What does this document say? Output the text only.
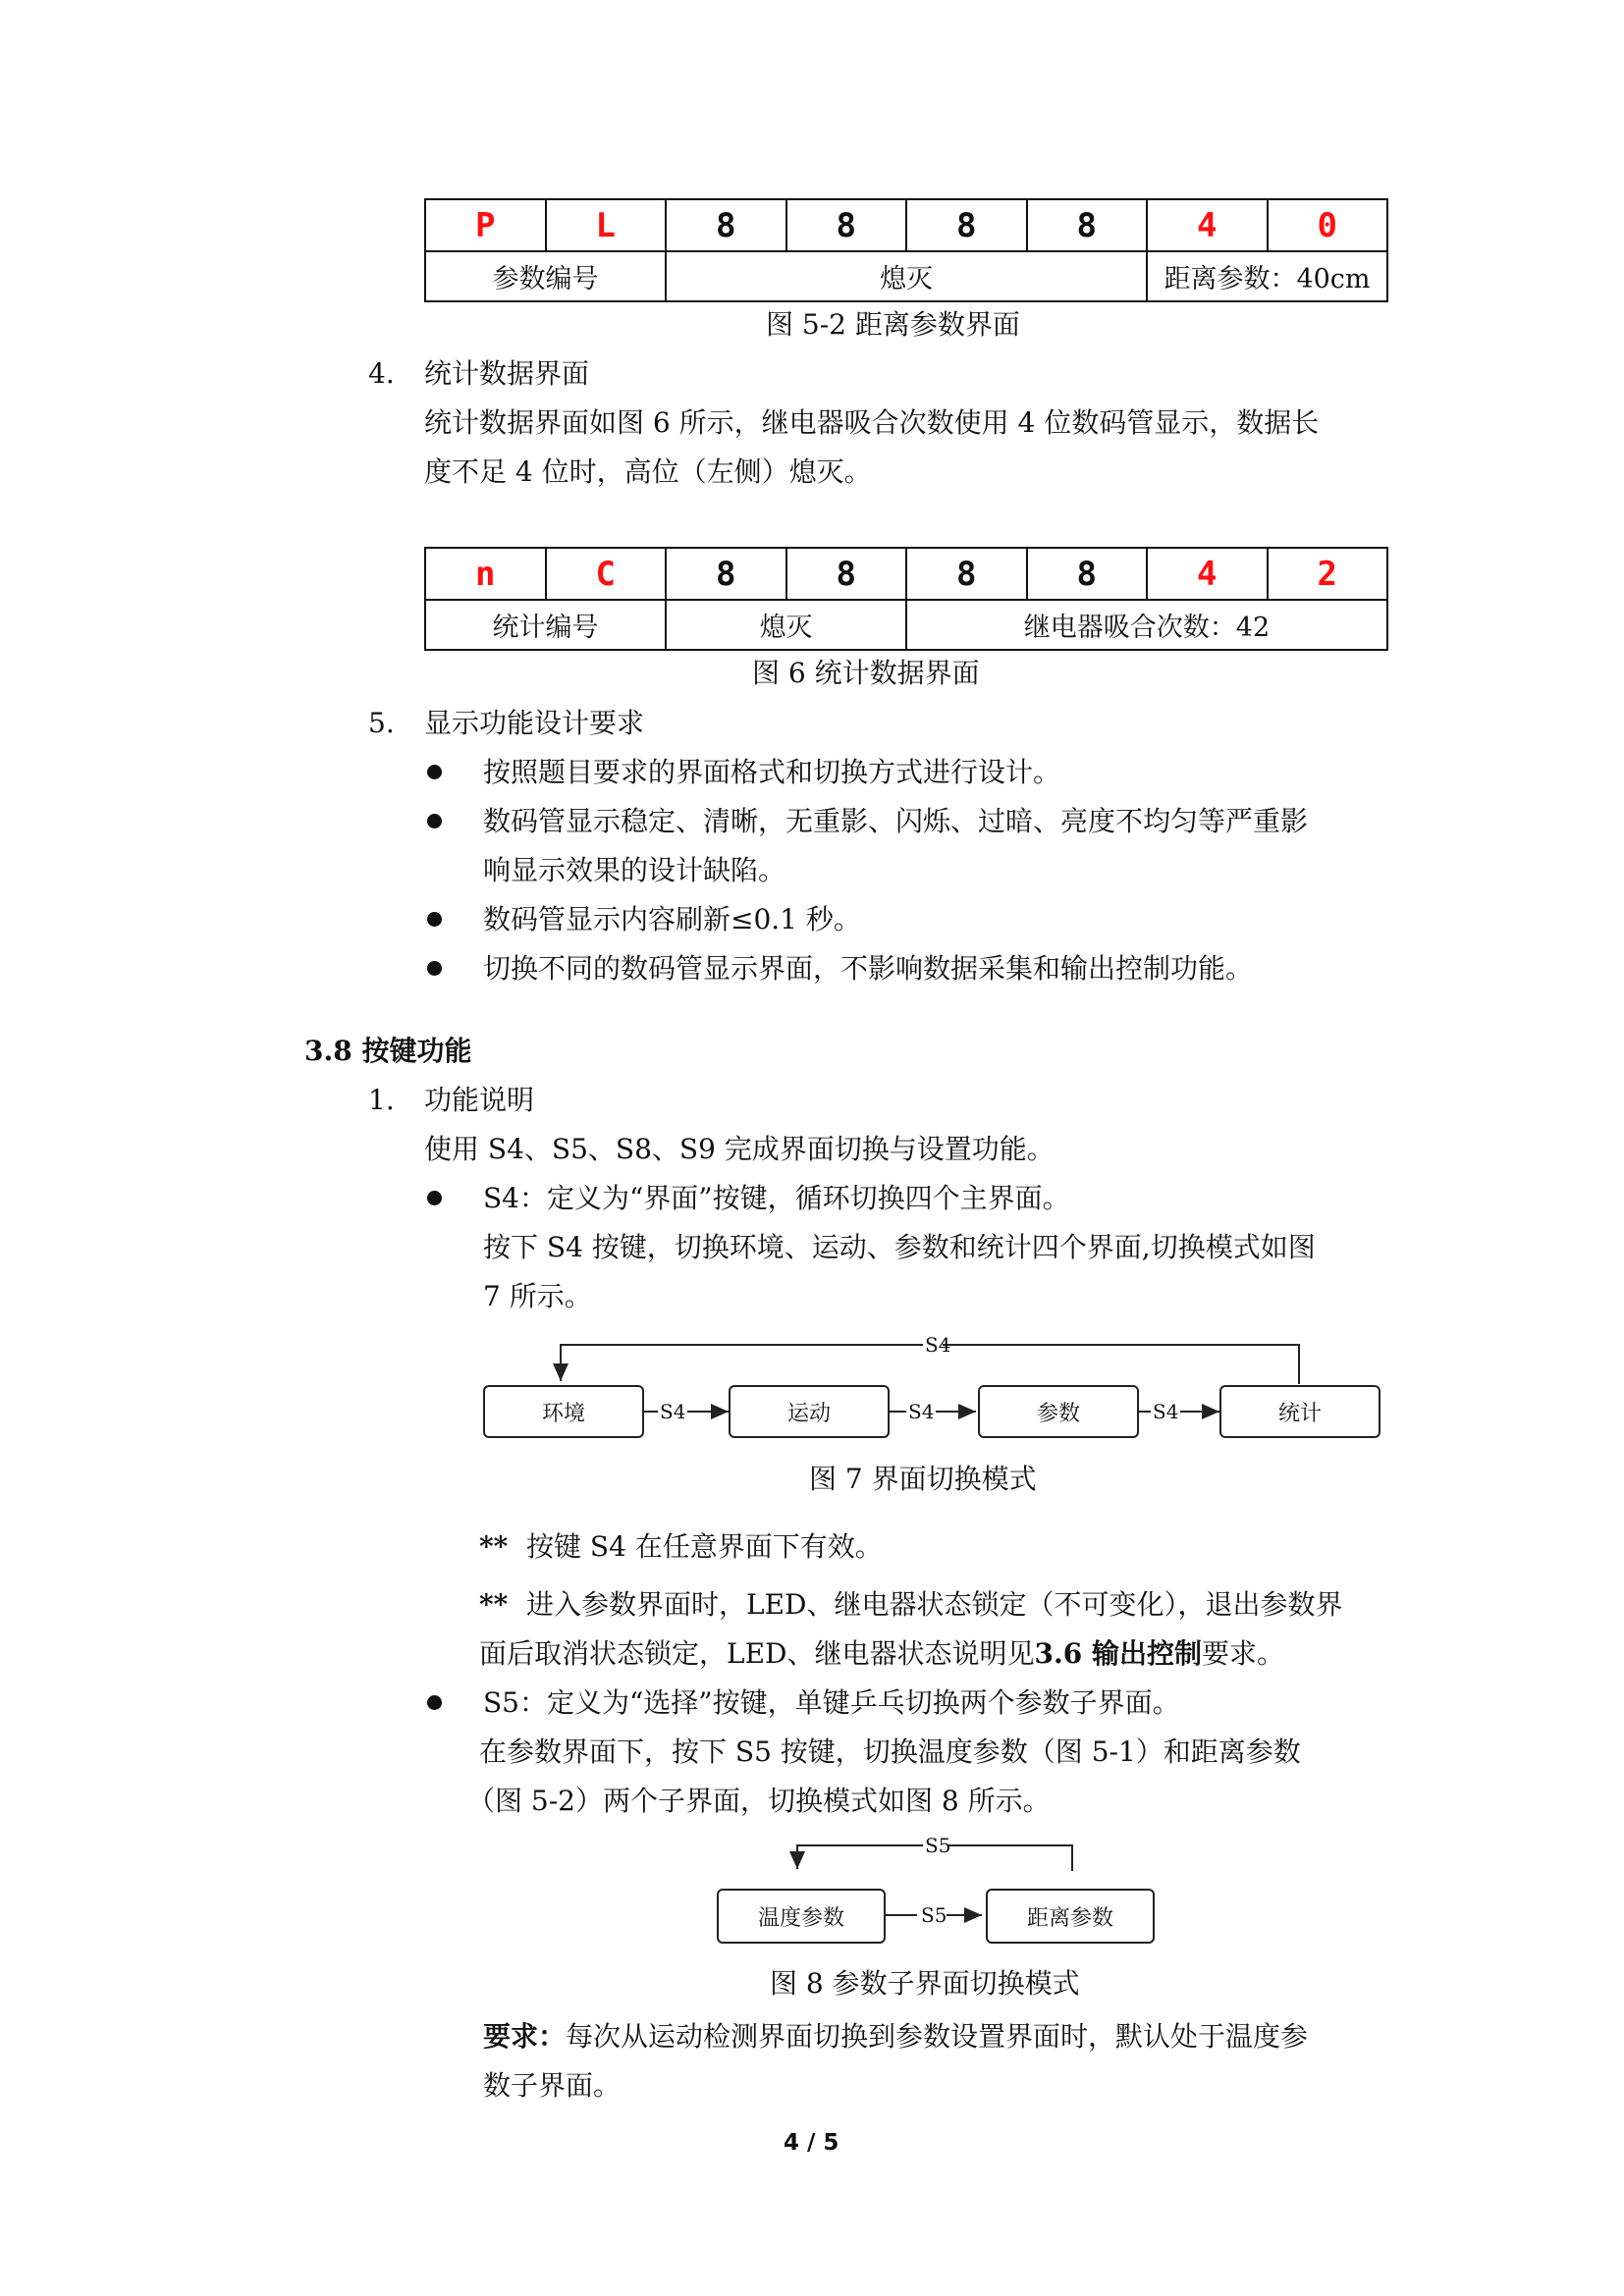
P	L	8	8	8	8	4	0
参数编号		熄灭				距离参数：40cm	
图 5-2 距离参数界面
4. 统计数据界面
统计数据界面如图 6 所示，继电器吸合次数使用 4 位数码管显示，数据长
度不足 4 位时，高位（左侧）熄灭。
n	C	8	8	8	8	4	2
统计编号		熄灭		继电器吸合次数：42			
图 6 统计数据界面
5. 显示功能设计要求
按照题目要求的界面格式和切换方式进行设计。
数码管显示稳定、清晰，无重影、闪烁、过暗、亮度不均匀等严重影
响显示效果的设计缺陷。
数码管显示内容刷新≤0.1 秒。
切换不同的数码管显示界面，不影响数据采集和输出控制功能。
3.8 按键功能
1. 功能说明
使用 S4、S5、S8、S9 完成界面切换与设置功能。
S4：定义为“界面”按键，循环切换四个主界面。
按下 S4 按键，切换环境、运动、参数和统计四个界面,切换模式如图
7 所示。
S4
S4	S4	S4
环境	运动	参数	统计
图 7 界面切换模式
** 按键 S4 在任意界面下有效。
** 进入参数界面时，LED、继电器状态锁定（不可变化），退出参数界
面后取消状态锁定，LED、继电器状态说明见3.6 输出控制要求。
S5：定义为“选择”按键，单键乒乓切换两个参数子界面。
在参数界面下，按下 S5 按键，切换温度参数（图 5-1）和距离参数
（图 5-2）两个子界面，切换模式如图 8 所示。
S5
S5
温度参数	距离参数
图 8 参数子界面切换模式
要求：每次从运动检测界面切换到参数设置界面时，默认处于温度参
数子界面。
4 / 5
